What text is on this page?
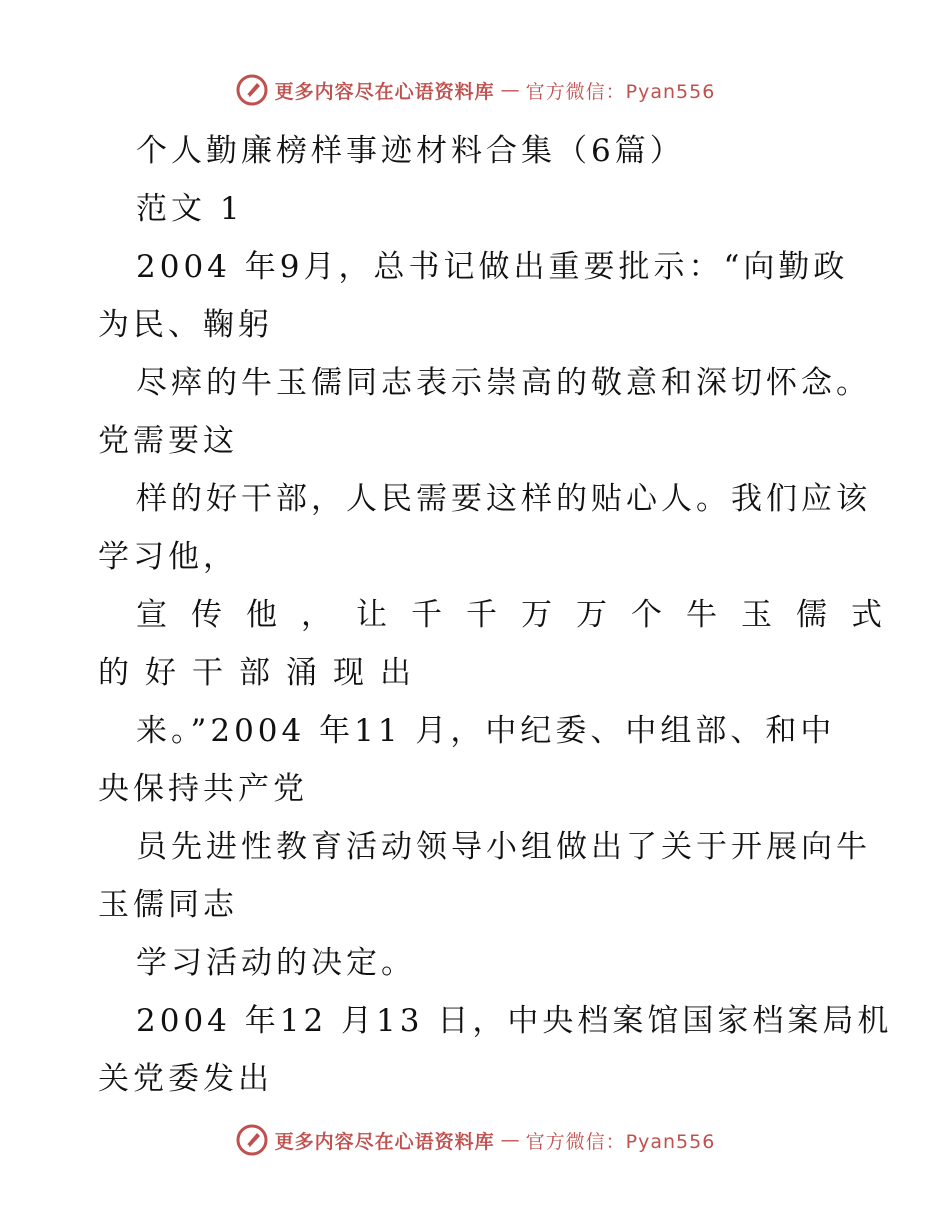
更多内容尽在心语资料库 — 官方微信：Pyan556
个人勤廉榜样事迹材料合集（6篇）
范文 1
2004 年9月，总书记做出重要批示：“向勤政
为民、鞠躬
尽瘁的牛玉儒同志表示崇高的敬意和深切怀念。
党需要这
样的好干部，人民需要这样的贴心人。我们应该
学习他，
宣传他，让千千万万个牛玉儒式
的好干部涌现出
来。”2004 年11 月，中纪委、中组部、和中
央保持共产党
员先进性教育活动领导小组做出了关于开展向牛
玉儒同志
学习活动的决定。
2004 年12 月13 日，中央档案馆国家档案局机
关党委发出
更多内容尽在心语资料库 — 官方微信：Pyan556
